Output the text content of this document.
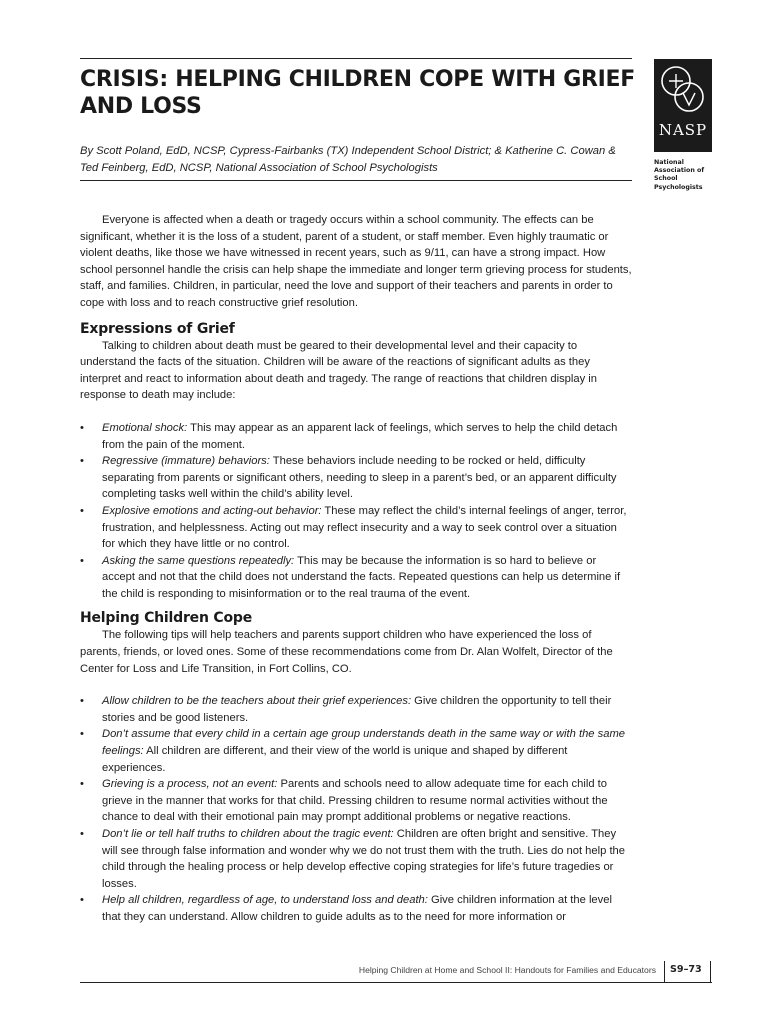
CRISIS: HELPING CHILDREN COPE WITH GRIEF AND LOSS
By Scott Poland, EdD, NCSP, Cypress-Fairbanks (TX) Independent School District; & Katherine C. Cowan &
Ted Feinberg, EdD, NCSP, National Association of School Psychologists
NASP
National
Association of
School
Psychologists

Everyone is affected when a death or tragedy occurs within a school community. The effects can be significant, whether it is the loss of a student, parent of a student, or staff member. Even highly traumatic or violent deaths, like those we have witnessed in recent years, such as 9/11, can have a strong impact. How school personnel handle the crisis can help shape the immediate and longer term grieving process for students, staff, and families. Children, in particular, need the love and support of their teachers and parents in order to cope with loss and to reach constructive grief resolution.

Expressions of Grief

Talking to children about death must be geared to their developmental level and their capacity to understand the facts of the situation. Children will be aware of the reactions of significant adults as they interpret and react to information about death and tragedy. The range of reactions that children display in response to death may include:

• Emotional shock: This may appear as an apparent lack of feelings, which serves to help the child detach from the pain of the moment.
• Regressive (immature) behaviors: These behaviors include needing to be rocked or held, difficulty separating from parents or significant others, needing to sleep in a parent’s bed, or an apparent difficulty completing tasks well within the child’s ability level.
• Explosive emotions and acting-out behavior: These may reflect the child’s internal feelings of anger, terror, frustration, and helplessness. Acting out may reflect insecurity and a way to seek control over a situation for which they have little or no control.
• Asking the same questions repeatedly: This may be because the information is so hard to believe or accept and not that the child does not understand the facts. Repeated questions can help us determine if the child is responding to misinformation or to the real trauma of the event.
Helping Children Cope

The following tips will help teachers and parents support children who have experienced the loss of parents, friends, or loved ones. Some of these recommendations come from Dr. Alan Wolfelt, Director of the Center for Loss and Life Transition, in Fort Collins, CO.

• Allow children to be the teachers about their grief experiences: Give children the opportunity to tell their stories and be good listeners.
• Don’t assume that every child in a certain age group understands death in the same way or with the same feelings: All children are different, and their view of the world is unique and shaped by different experiences.
• Grieving is a process, not an event: Parents and schools need to allow adequate time for each child to grieve in the manner that works for that child. Pressing children to resume normal activities without the chance to deal with their emotional pain may prompt additional problems or negative reactions.
• Don’t lie or tell half truths to children about the tragic event: Children are often bright and sensitive. They will see through false information and wonder why we do not trust them with the truth. Lies do not help the child through the healing process or help develop effective coping strategies for life’s future tragedies or losses.
• Help all children, regardless of age, to understand loss and death: Give children information at the level that they can understand. Allow children to guide adults as to the need for more information or
Helping Children at Home and School II: Handouts for Families and Educators S9–73
